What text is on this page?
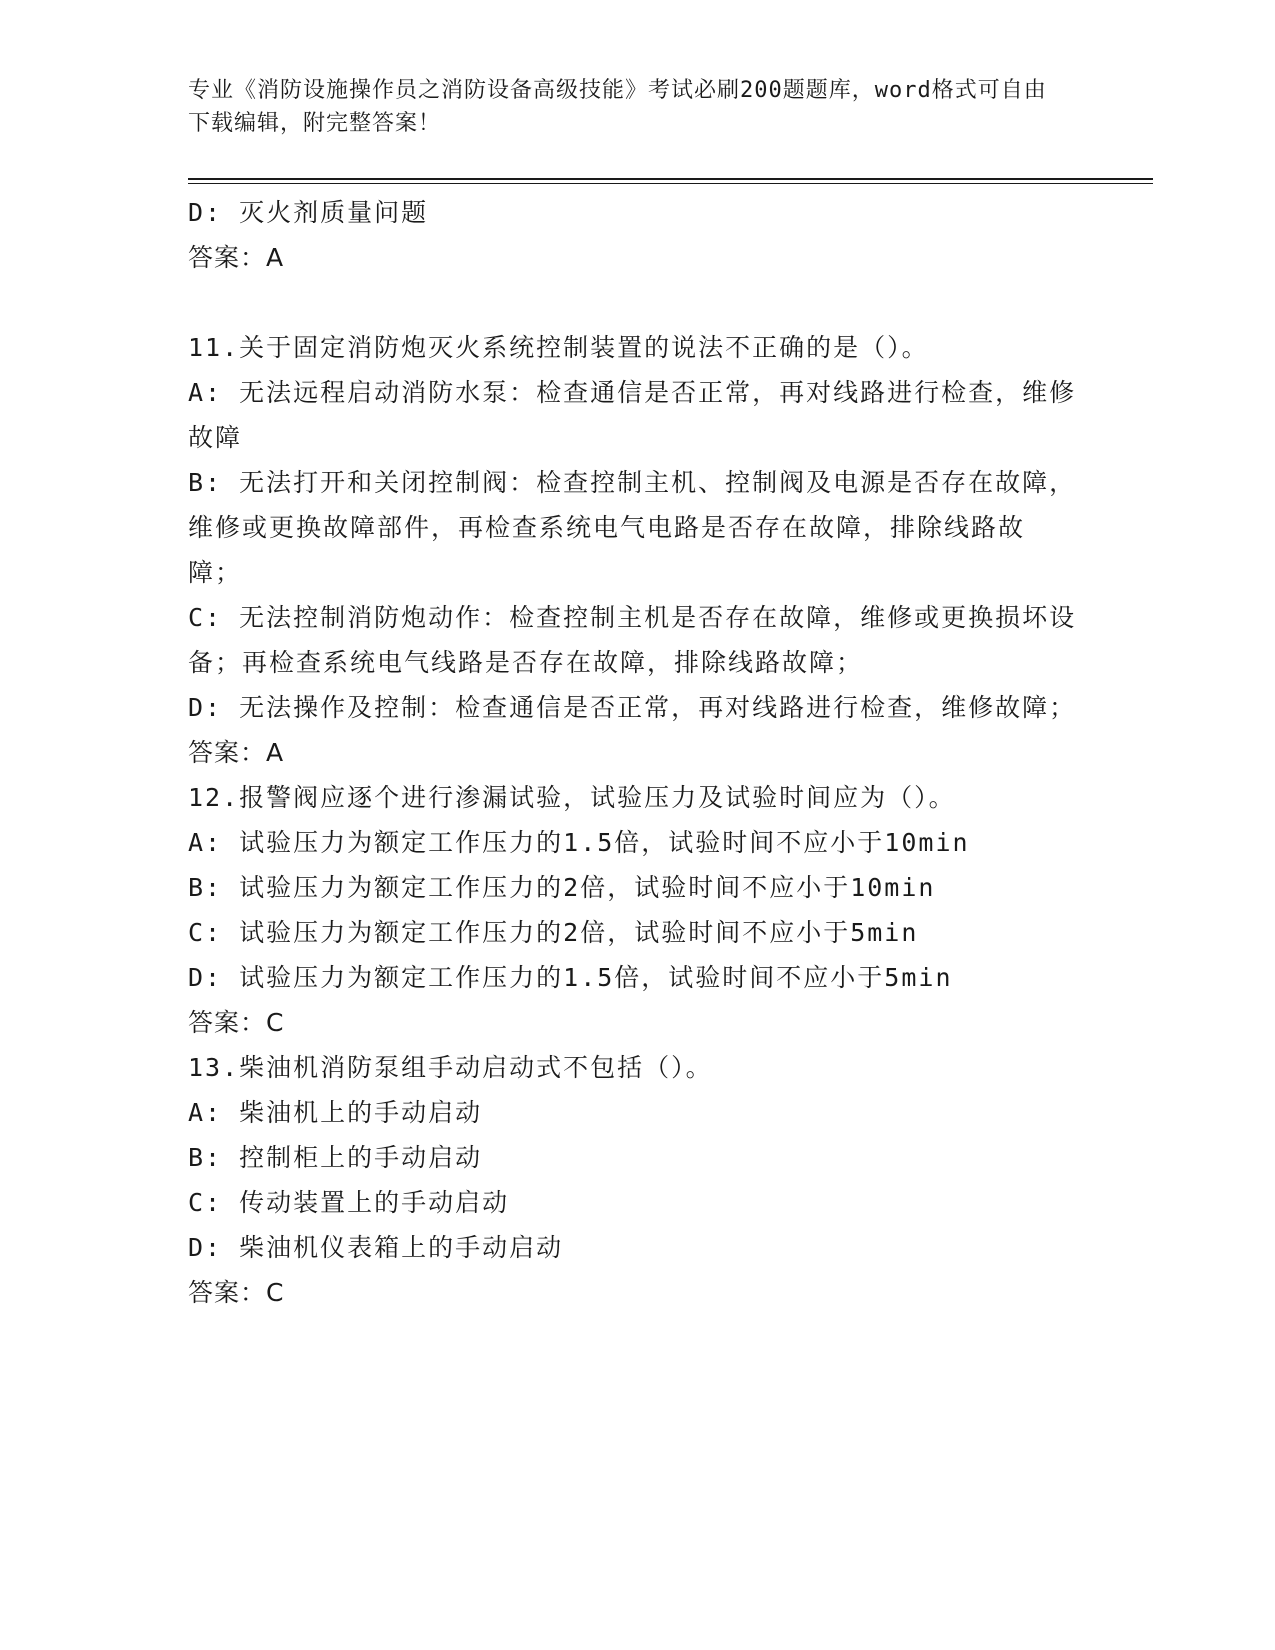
专业《消防设施操作员之消防设备高级技能》考试必刷200题题库，word格式可自由下载编辑，附完整答案！
D: 灭火剂质量问题
答案：A
11.关于固定消防炮灭火系统控制装置的说法不正确的是（）。
A: 无法远程启动消防水泵：检查通信是否正常，再对线路进行检查，维修故障
B: 无法打开和关闭控制阀：检查控制主机、控制阀及电源是否存在故障，维修或更换故障部件，再检查系统电气电路是否存在故障，排除线路故障；
C: 无法控制消防炮动作：检查控制主机是否存在故障，维修或更换损坏设备；再检查系统电气线路是否存在故障，排除线路故障；
D: 无法操作及控制：检查通信是否正常，再对线路进行检查，维修故障；
答案：A
12.报警阀应逐个进行渗漏试验，试验压力及试验时间应为（）。
A: 试验压力为额定工作压力的1.5倍，试验时间不应小于10min
B: 试验压力为额定工作压力的2倍，试验时间不应小于10min
C: 试验压力为额定工作压力的2倍，试验时间不应小于5min
D: 试验压力为额定工作压力的1.5倍，试验时间不应小于5min
答案：C
13.柴油机消防泵组手动启动式不包括（）。
A: 柴油机上的手动启动
B: 控制柜上的手动启动
C: 传动装置上的手动启动
D: 柴油机仪表箱上的手动启动
答案：C
